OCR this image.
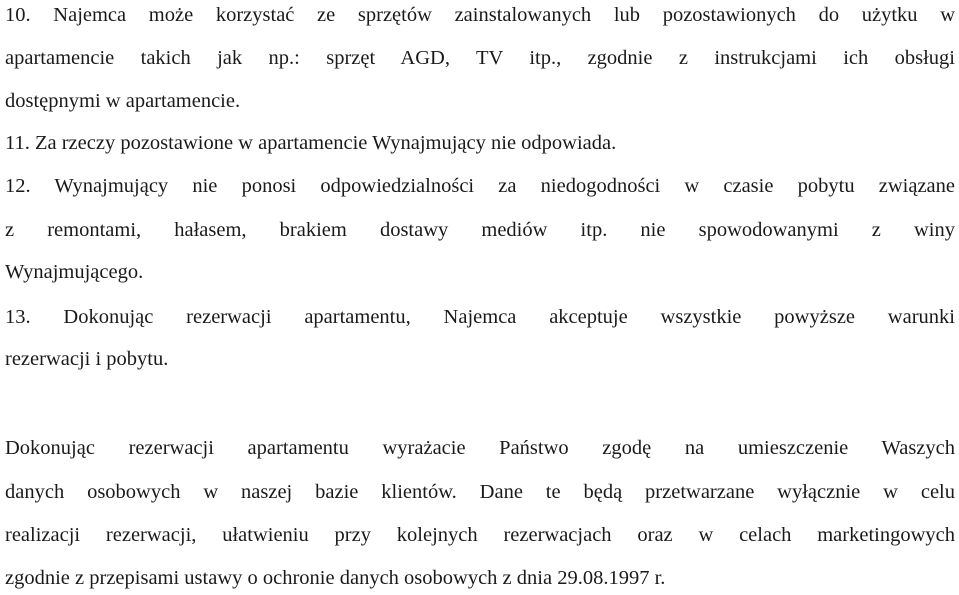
10. Najemca może korzystać ze sprzętów zainstalowanych lub pozostawionych do użytku w
apartamencie takich jak np.: sprzęt AGD, TV itp., zgodnie z instrukcjami ich obsługi
dostępnymi w apartamencie.
11. Za rzeczy pozostawione w apartamencie Wynajmujący nie odpowiada.
12. Wynajmujący nie ponosi odpowiedzialności za niedogodności w czasie pobytu związane
z remontami, hałasem, brakiem dostawy mediów itp. nie spowodowanymi z winy
Wynajmującego.
13. Dokonując rezerwacji apartamentu, Najemca akceptuje wszystkie powyższe warunki
rezerwacji i pobytu.
Dokonując rezerwacji apartamentu wyrażacie Państwo zgodę na umieszczenie Waszych
danych osobowych w naszej bazie klientów. Dane te będą przetwarzane wyłącznie w celu
realizacji rezerwacji, ułatwieniu przy kolejnych rezerwacjach oraz w celach marketingowych
zgodnie z przepisami ustawy o ochronie danych osobowych z dnia 29.08.1997 r.
